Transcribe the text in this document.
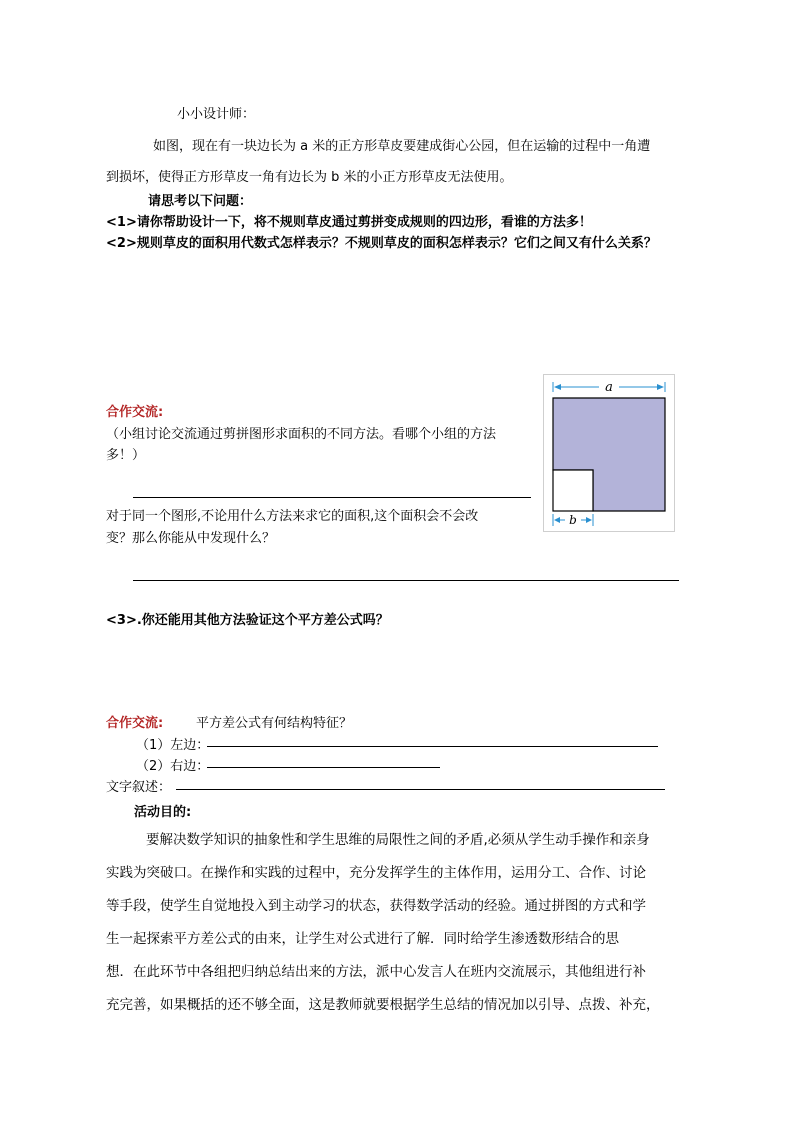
小小设计师：
如图，现在有一块边长为 a 米的正方形草皮要建成街心公园，但在运输的过程中一角遭
到损坏，使得正方形草皮一角有边长为 b 米的小正方形草皮无法使用。
请思考以下问题：
<1>请你帮助设计一下，将不规则草皮通过剪拼变成规则的四边形，看谁的方法多！
<2>规则草皮的面积用代数式怎样表示？不规则草皮的面积怎样表示？它们之间又有什么关系？
a
b
合作交流:
（小组讨论交流通过剪拼图形求面积的不同方法。看哪个小组的方法
多！）
对于同一个图形,不论用什么方法来求它的面积,这个面积会不会改
变？那么你能从中发现什么？
<3>.你还能用其他方法验证这个平方差公式吗？
合作交流:	平方差公式有何结构特征？
（1）左边：
（2）右边：
文字叙述：
活动目的:

要解决数学知识的抽象性和学生思维的局限性之间的矛盾,必须从学生动手操作和亲身

实践为突破口。在操作和实践的过程中，充分发挥学生的主体作用，运用分工、合作、讨论

等手段，使学生自觉地投入到主动学习的状态，获得数学活动的经验。通过拼图的方式和学

生一起探索平方差公式的由来，让学生对公式进行了解．同时给学生渗透数形结合的思

想．在此环节中各组把归纳总结出来的方法，派中心发言人在班内交流展示，其他组进行补

充完善，如果概括的还不够全面，这是教师就要根据学生总结的情况加以引导、点拨、补充，
